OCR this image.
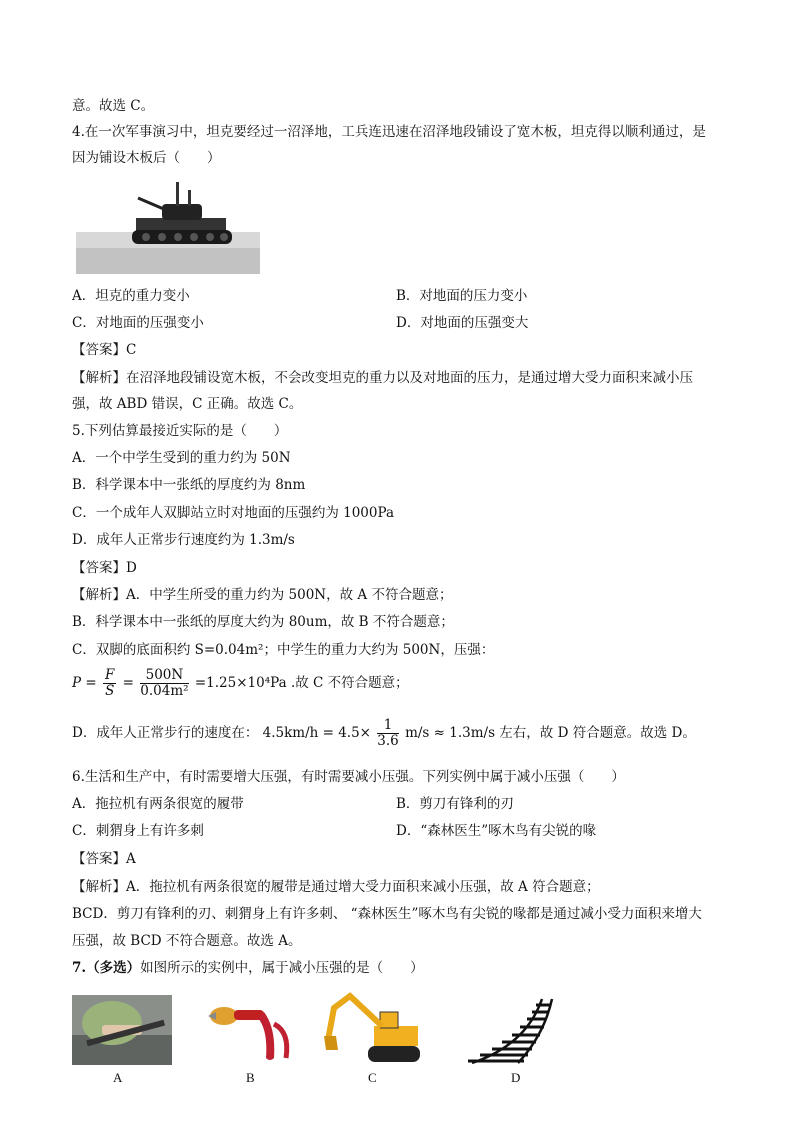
意。故选 C。
4.在一次军事演习中，坦克要经过一沼泽地，工兵连迅速在沼泽地段铺设了宽木板，坦克得以顺利通过，是
因为铺设木板后（　　）
A．坦克的重力变小	B．对地面的压力变小
C．对地面的压强变小	D．对地面的压强变大
【答案】C
【解析】在沼泽地段铺设宽木板，不会改变坦克的重力以及对地面的压力，是通过增大受力面积来减小压
强，故 ABD 错误，C 正确。故选 C。
5.下列估算最接近实际的是（　　）
A．一个中学生受到的重力约为 50N
B．科学课本中一张纸的厚度约为 8nm
C．一个成年人双脚站立时对地面的压强约为 1000Pa
D．成年人正常步行速度约为 1.3m/s
【答案】D
【解析】A．中学生所受的重力约为 500N，故 A 不符合题意；
B．科学课本中一张纸的厚度大约为 80um，故 B 不符合题意；
C．双脚的底面积约 S=0.04m²；中学生的重力大约为 500N，压强：
$P = \frac{F}{S} = \frac{500N}{\text{0.04m²}} =1.25\times 10^4Pa$ .故 C 不符合题意；
D．成年人正常步行的速度在： $4.5km/h = 4.5\times \frac{1}{3.6} m/s \approx 1.3m/s$ 左右，故 D 符合题意。故选 D。
6.生活和生产中，有时需要增大压强，有时需要减小压强。下列实例中属于减小压强（　　）
A．拖拉机有两条很宽的履带	B．剪刀有锋利的刃
C．刺猬身上有许多刺	D．“森林医生”啄木鸟有尖锐的喙
【答案】A
【解析】A．拖拉机有两条很宽的履带是通过增大受力面积来减小压强，故 A 符合题意；
BCD．剪刀有锋利的刃、刺猬身上有许多刺、 “森林医生”啄木鸟有尖锐的喙都是通过减小受力面积来增大
压强，故 BCD 不符合题意。故选 A。
7.（多选）如图所示的实例中，属于减小压强的是（　　）
A	B	C	D
